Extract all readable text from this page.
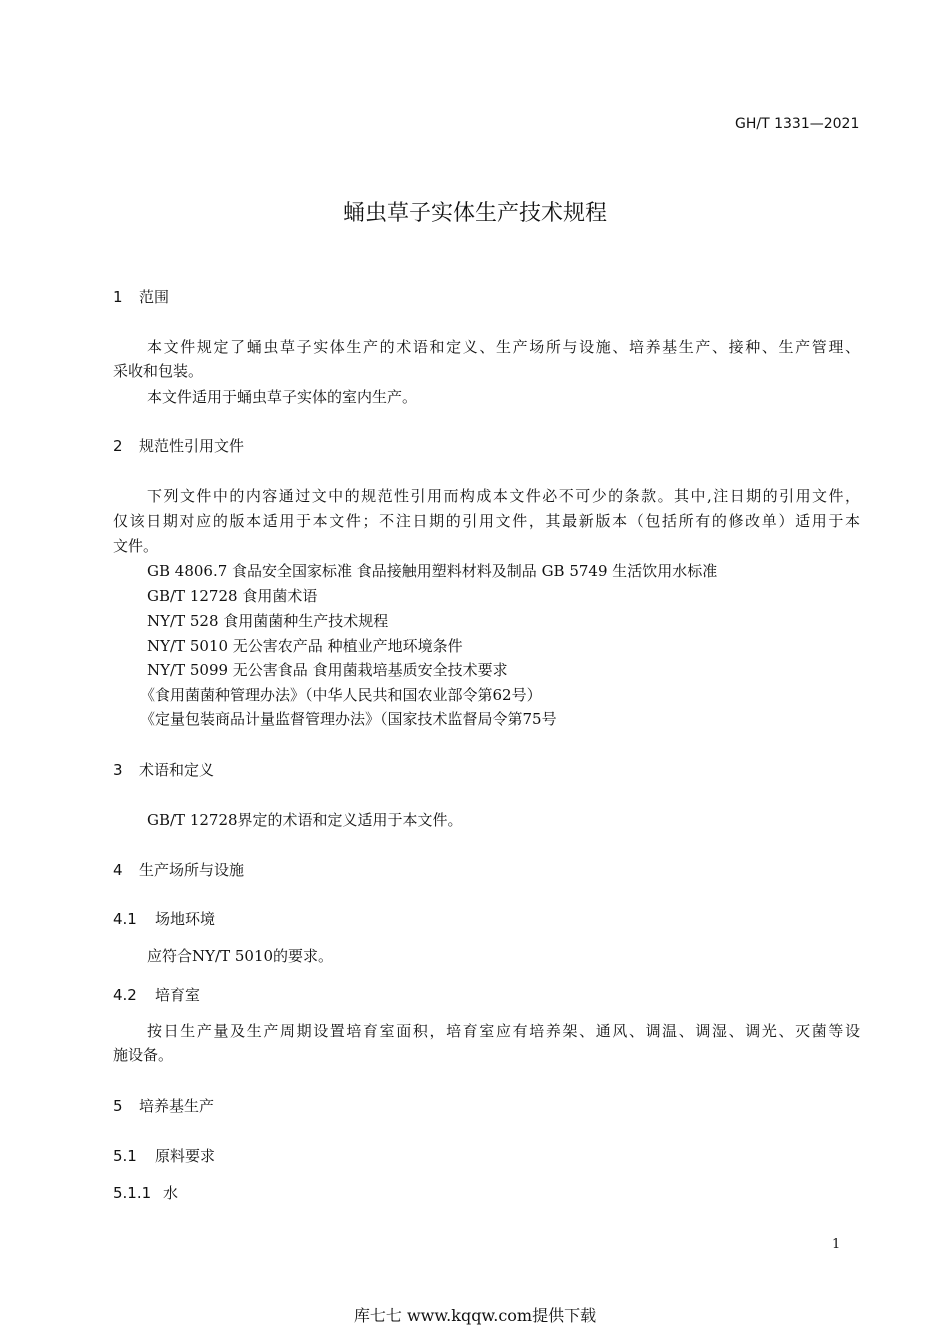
GH/T 1331—2021
蛹虫草子实体生产技术规程
1 范围
本文件规定了蛹虫草子实体生产的术语和定义、生产场所与设施、培养基生产、接种、生产管理、
采收和包装。
本文件适用于蛹虫草子实体的室内生产。
2 规范性引用文件
下列文件中的内容通过文中的规范性引用而构成本文件必不可少的条款。其中,注日期的引用文件，
仅该日期对应的版本适用于本文件；不注日期的引用文件，其最新版本（包括所有的修改单）适用于本
文件。
GB 4806.7 食品安全国家标准 食品接触用塑料材料及制品 GB 5749 生活饮用水标准
GB/T 12728 食用菌术语
NY/T 528 食用菌菌种生产技术规程
NY/T 5010 无公害农产品 种植业产地环境条件
NY/T 5099 无公害食品 食用菌栽培基质安全技术要求
《食用菌菌种管理办法》（中华人民共和国农业部令第62号）
《定量包装商品计量监督管理办法》（国家技术监督局令第75号
3 术语和定义
GB/T 12728界定的术语和定义适用于本文件。
4 生产场所与设施
4.1 场地环境
应符合NY/T 5010的要求。
4.2 培育室
按日生产量及生产周期设置培育室面积，培育室应有培养架、通风、调温、调湿、调光、灭菌等设
施设备。
5 培养基生产
5.1 原料要求
5.1.1 水
1
库七七 www.kqqw.com提供下载
